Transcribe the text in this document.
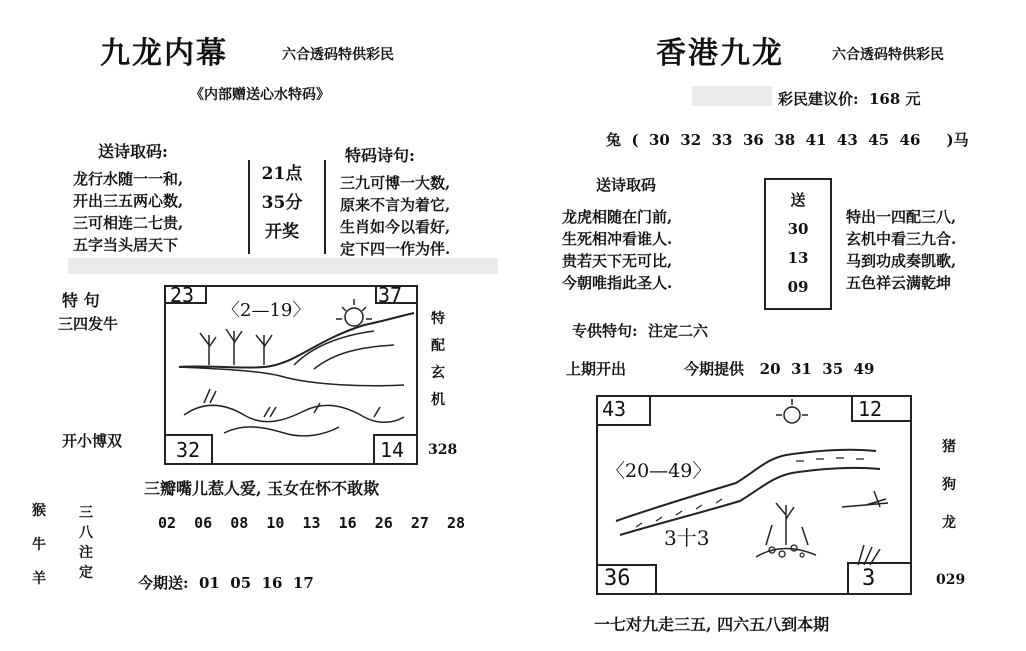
九龙内幕	六合透码特供彩民
《内部赠送心水特码》
送诗取码:
龙行水随一一和,
开出三五两心数,
三可相连二七贵,
五字当头居天下
21点
35分
开奖
特码诗句:
三九可博一大数,
原来不言为着它,
生肖如今以看好,
定下四一作为伴.
特 句
三四发牛
开小博双
23	37
32	14
〈2—19〉	特
配
玄
机
328
三瓣嘴儿惹人爱, 玉女在怀不敢欺
猴
牛
羊
三
八
注
定
02  06  08  10  13  16  26  27  28
今期送:  01  05  16  17
香港九龙	六合透码特供彩民
彩民建议价:  168 元
兔  (  30  32  33  36  38  41  43  45  46     )马
送诗取码
龙虎相随在门前,
生死相冲看谁人.
贵若天下无可比,
今朝唯指此圣人.
送
30
13
09
特出一四配三八,
玄机中看三九合.
马到功成奏凯歌,
五色祥云满乾坤
专供特句:  注定二六
上期开出	今期提供   20  31  35  49
43	12
36	3
〈20—49〉
3十3
猪
狗
龙
029
一七对九走三五, 四六五八到本期
